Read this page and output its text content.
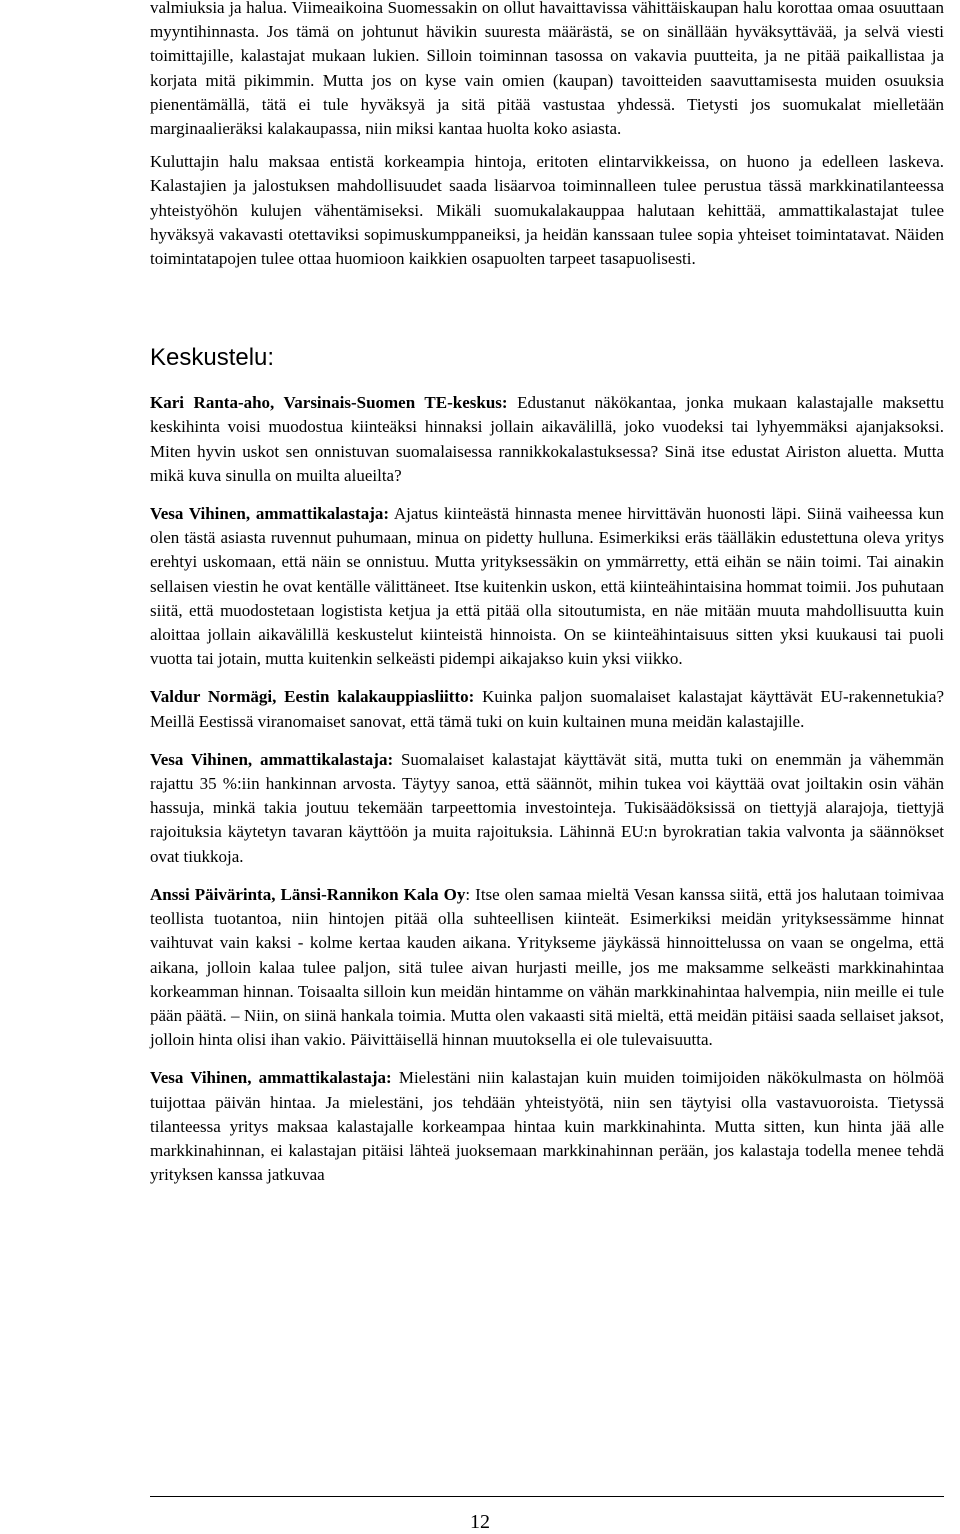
valmiuksia ja halua. Viimeaikoina Suomessakin on ollut havaittavissa vähittäiskaupan halu korottaa omaa osuuttaan myyntihinnasta. Jos tämä on johtunut hävikin suuresta määrästä, se on sinällään hyväksyttävää, ja selvä viesti toimittajille, kalastajat mukaan lukien. Silloin toiminnan tasossa on vakavia puutteita, ja ne pitää paikallistaa ja korjata mitä pikimmin. Mutta jos on kyse vain omien (kaupan) tavoitteiden saavuttamisesta muiden osuuksia pienentämällä, tätä ei tule hyväksyä ja sitä pitää vastustaa yhdessä. Tietysti jos suomukalat mielletään marginaalieräksi kalakaupassa, niin miksi kantaa huolta koko asiasta.

Kuluttajin halu maksaa entistä korkeampia hintoja, eritoten elintarvikkeissa, on huono ja edelleen laskeva. Kalastajien ja jalostuksen mahdollisuudet saada lisäarvoa toiminnalleen tulee perustua tässä markkinatilanteessa yhteistyöhön kulujen vähentämiseksi. Mikäli suomukalakauppaa halutaan kehittää, ammattikalastajat tulee hyväksyä vakavasti otettaviksi sopimuskumppaneiksi, ja heidän kanssaan tulee sopia yhteiset toimintatavat. Näiden toimintatapojen tulee ottaa huomioon kaikkien osapuolten tarpeet tasapuolisesti.

Keskustelu:

Kari Ranta-aho, Varsinais-Suomen TE-keskus: Edustanut näkökantaa, jonka mukaan kalastajalle maksettu keskihinta voisi muodostua kiinteäksi hinnaksi jollain aikavälillä, joko vuodeksi tai lyhyemmäksi ajanjaksoksi. Miten hyvin uskot sen onnistuvan suomalaisessa rannikkokalastuksessa? Sinä itse edustat Airiston aluetta. Mutta mikä kuva sinulla on muilta alueilta?

Vesa Vihinen, ammattikalastaja: Ajatus kiinteästä hinnasta menee hirvittävän huonosti läpi. Siinä vaiheessa kun olen tästä asiasta ruvennut puhumaan, minua on pidetty hulluna. Esimerkiksi eräs täälläkin edustettuna oleva yritys erehtyi uskomaan, että näin se onnistuu. Mutta yrityksessäkin on ymmärretty, että eihän se näin toimi. Tai ainakin sellaisen viestin he ovat kentälle välittäneet. Itse kuitenkin uskon, että kiinteähintaisina hommat toimii. Jos puhutaan siitä, että muodostetaan logistista ketjua ja että pitää olla sitoutumista, en näe mitään muuta mahdollisuutta kuin aloittaa jollain aikavälillä keskustelut kiinteistä hinnoista. On se kiinteähintaisuus sitten yksi kuukausi tai puoli vuotta tai jotain, mutta kuitenkin selkeästi pidempi aikajakso kuin yksi viikko.

Valdur Normägi, Eestin kalakauppiasliitto: Kuinka paljon suomalaiset kalastajat käyttävät EU-rakennetukia? Meillä Eestissä viranomaiset sanovat, että tämä tuki on kuin kultainen muna meidän kalastajille.

Vesa Vihinen, ammattikalastaja: Suomalaiset kalastajat käyttävät sitä, mutta tuki on enemmän ja vähemmän rajattu 35 %:iin hankinnan arvosta. Täytyy sanoa, että säännöt, mihin tukea voi käyttää ovat joiltakin osin vähän hassuja, minkä takia joutuu tekemään tarpeettomia investointeja. Tukisäädöksissä on tiettyjä alarajoja, tiettyjä rajoituksia käytetyn tavaran käyttöön ja muita rajoituksia. Lähinnä EU:n byrokratian takia valvonta ja säännökset ovat tiukkoja.

Anssi Päivärinta, Länsi-Rannikon Kala Oy: Itse olen samaa mieltä Vesan kanssa siitä, että jos halutaan toimivaa teollista tuotantoa, niin hintojen pitää olla suhteellisen kiinteät. Esimerkiksi meidän yrityksessämme hinnat vaihtuvat vain kaksi - kolme kertaa kauden aikana. Yritykseme jäykässä hinnoittelussa on vaan se ongelma, että aikana, jolloin kalaa tulee paljon, sitä tulee aivan hurjasti meille, jos me maksamme selkeästi markkinahintaa korkeamman hinnan. Toisaalta silloin kun meidän hintamme on vähän markkinahintaa halvempia, niin meille ei tule pään päätä. – Niin, on siinä hankala toimia. Mutta olen vakaasti sitä mieltä, että meidän pitäisi saada sellaiset jaksot, jolloin hinta olisi ihan vakio. Päivittäisellä hinnan muutoksella ei ole tulevaisuutta.

Vesa Vihinen, ammattikalastaja: Mielestäni niin kalastajan kuin muiden toimijoiden näkökulmasta on hölmöä tuijottaa päivän hintaa. Ja mielestäni, jos tehdään yhteistyötä, niin sen täytyisi olla vastavuoroista. Tietyssä tilanteessa yritys maksaa kalastajalle korkeampaa hintaa kuin markkinahinta. Mutta sitten, kun hinta jää alle markkinahinnan, ei kalastajan pitäisi lähteä juoksemaan markkinahinnan perään, jos kalastaja todella menee tehdä yrityksen kanssa jatkuvaa

12
